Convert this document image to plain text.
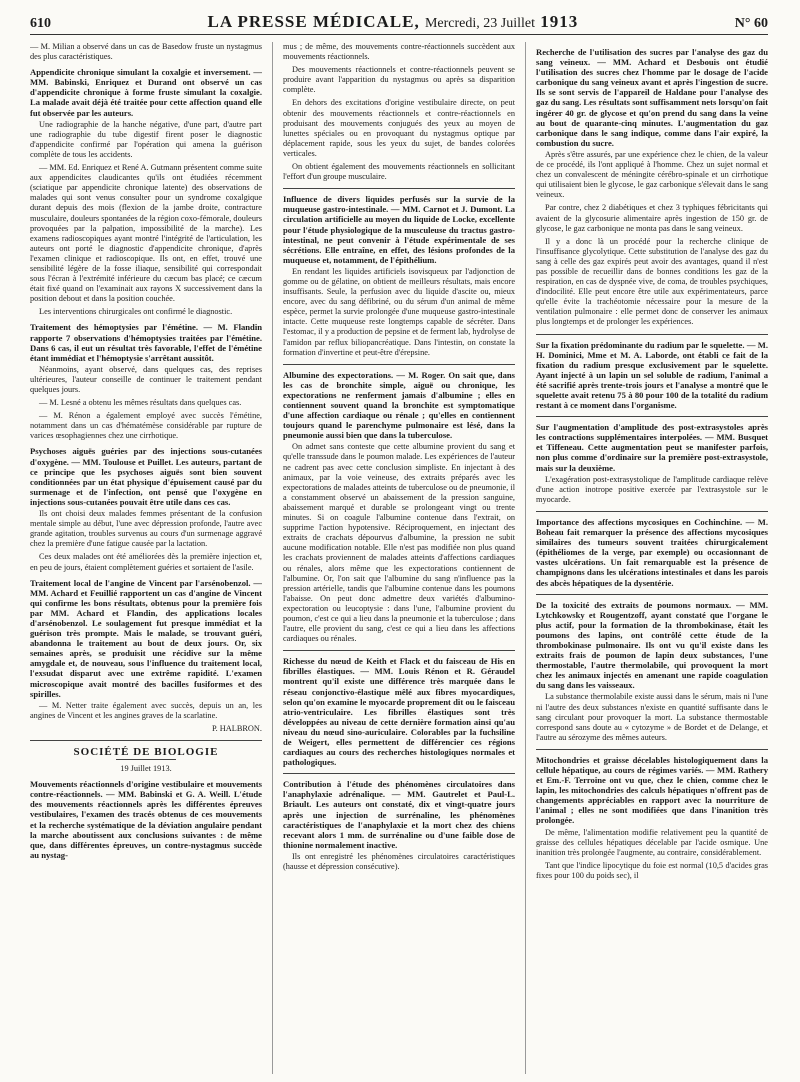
610	LA PRESSE MÉDICALE, Mercredi, 23 Juillet 1913	N° 60

— M. Milian a observé dans un cas de Basedow fruste un nystagmus des plus caractéristiques.

Appendicite chronique simulant la coxalgie et inversement. — MM. Babinski, Enriquez et Durand ont observé un cas d'appendicite chronique à forme fruste simulant la coxalgie. La malade avait déjà été traitée pour cette affection quand elle fut observée par les auteurs.

Une radiographie de la hanche négative, d'une part, d'autre part une radiographie du tube digestif firent poser le diagnostic d'appendicite confirmé par l'opération qui amena la guérison complète de tous les accidents.

— MM. Ed. Enriquez et René A. Gutmann présentent comme suite aux appendicites claudicantes qu'ils ont étudiées récemment (sciatique par appendicite chronique latente) des observations de malades qui sont venus consulter pour un syndrome coxalgique durant depuis des mois (flexion de la jambe droite, contracture musculaire, douleurs spontanées de la région coxo-fémorale, douleurs provoquées par la palpation, impossibilité de la marche). Les examens radioscopiques ayant montré l'intégrité de l'articulation, les auteurs ont porté le diagnostic d'appendicite chronique, d'après l'examen clinique et radioscopique. Ils ont, en effet, trouvé une sensibilité légère de la fosse iliaque, sensibilité qui correspondait sous l'écran à l'extrémité inférieure du cæcum bas placé; ce cæcum était fixé quand on l'examinait aux rayons X successivement dans la position debout et dans la position couchée.

Les interventions chirurgicales ont confirmé le diagnostic.

Traitement des hémoptysies par l'émétine. — M. Flandin rapporte 7 observations d'hémoptysies traitées par l'émétine. Dans 6 cas, il eut un résultat très favorable, l'effet de l'émétine étant immédiat et l'hémoptysie s'arrêtant aussitôt.

Néanmoins, ayant observé, dans quelques cas, des reprises ultérieures, l'auteur conseille de continuer le traitement pendant quelques jours.

— M. Lesné a obtenu les mêmes résultats dans quelques cas.

— M. Rénon a également employé avec succès l'émétine, notamment dans un cas d'hématémèse considérable par rupture de varices œsophagiennes chez une cirrhotique.

Psychoses aiguës guéries par des injections sous-cutanées d'oxygène. — MM. Toulouse et Puillet. Les auteurs, partant de ce principe que les psychoses aiguës sont bien souvent conditionnées par un état physique d'épuisement causé par du surmenage et de l'infection, ont pensé que l'oxygène en injections sous-cutanées pouvait être utile dans ces cas.

Ils ont choisi deux malades femmes présentant de la confusion mentale simple au début, l'une avec dépression profonde, l'autre avec grande agitation, troubles survenus au cours d'un surmenage aggravé chez la première d'une fatigue causée par la lactation.

Ces deux malades ont été améliorées dès la première injection et, en peu de jours, étaient complètement guéries et sortaient de l'asile.

Traitement local de l'angine de Vincent par l'arsénobenzol. — MM. Achard et Feuillié rapportent un cas d'angine de Vincent qui confirme les bons résultats, obtenus pour la première fois par MM. Achard et Flandin, des applications locales d'arsénobenzol. Le soulagement fut presque immédiat et la guérison très prompte. Mais le malade, se trouvant guéri, abandonna le traitement au bout de deux jours. Or, six semaines après, se produisit une récidive sur la même amygdale et, de nouveau, sous l'influence du traitement local, l'exsudat disparut avec une extrême rapidité. L'examen microscopique avait montré des bacilles fusiformes et des spirilles.

— M. Netter traite également avec succès, depuis un an, les angines de Vincent et les angines graves de la scarlatine.

P. HALBRON.
SOCIÉTÉ DE BIOLOGIE
19 Juillet 1913.
Mouvements réactionnels d'origine vestibulaire et mouvements contre-réactionnels. — MM. Babinski et G. A. Weill. L'étude des mouvements réactionnels après les différentes épreuves vestibulaires, l'examen des tracés obtenus de ces mouvements et la recherche systématique de la déviation angulaire pendant la marche aboutissent aux conclusions suivantes : de même que, dans différentes épreuves, un contre-nystagmus succède au nystag-

mus ; de même, des mouvements contre-réactionnels succèdent aux mouvements réactionnels.

Des mouvements réactionnels et contre-réactionnels peuvent se produire avant l'apparition du nystagmus ou après sa disparition complète.

En dehors des excitations d'origine vestibulaire directe, on peut obtenir des mouvements réactionnels et contre-réactionnels en produisant des mouvements conjugués des yeux au moyen de lunettes spéciales ou en provoquant du nystagmus optique par déplacement rapide, sous les yeux du sujet, de bandes colorées verticales.

On obtient également des mouvements réactionnels en sollicitant l'effort d'un groupe musculaire.

Influence de divers liquides perfusés sur la survie de la muqueuse gastro-intestinale. — MM. Carnot et J. Dumont. La circulation artificielle au moyen du liquide de Locke, excellente pour l'étude physiologique de la musculeuse du tractus gastro-intestinal, ne peut convenir à l'étude expérimentale de ses sécrétions. Elle entraîne, en effet, des lésions profondes de la muqueuse et, notamment, de l'épithélium.

En rendant les liquides artificiels isovisqueux par l'adjonction de gomme ou de gélatine, on obtient de meilleurs résultats, mais encore insuffisants. Seule, la perfusion avec du liquide d'ascite ou, mieux encore, avec du sang défibriné, ou du sérum d'un animal de même espèce, permet la survie prolongée d'une muqueuse gastro-intestinale intacte. Cette muqueuse reste longtemps capable de sécréter. Dans l'estomac, il y a production de pepsine et de ferment lab, hydrolyse de l'amidon par reflux biliopancréatique. Dans l'intestin, on constate la formation d'invertine et peut-être d'érepsine.

Albumine des expectorations. — M. Roger. On sait que, dans les cas de bronchite simple, aiguë ou chronique, les expectorations ne renferment jamais d'albumine ; elles en contiennent souvent quand la bronchite est symptomatique d'une affection cardiaque ou rénale ; qu'elles en contiennent toujours quand le parenchyme pulmonaire est lésé, dans la pneumonie aussi bien que dans la tuberculose.

On admet sans conteste que cette albumine provient du sang et qu'elle transsude dans le poumon malade. Les expériences de l'auteur ne cadrent pas avec cette conclusion simpliste. En injectant à des animaux, par la voie veineuse, des extraits préparés avec les expectorations de malades atteints de tuberculose ou de pneumonie, il a constamment observé un abaissement de la pression sanguine, abaissement marqué et durable se prolongeant vingt ou trente minutes. Si on coagule l'albumine contenue dans l'extrait, on supprime l'action hypotensive. Réciproquement, en injectant des extraits de crachats dépourvus d'albumine, la pression ne subit aucune modification notable. Elle n'est pas modifiée non plus quand les crachats proviennent de malades atteints d'affections cardiaques ou rénales, alors même que les expectorations contiennent de l'albumine. Or, l'on sait que l'albumine du sang n'influence pas la pression artérielle, tandis que l'albumine contenue dans les poumons l'abaisse. On peut donc admettre deux variétés d'albuminо-expectoration ou leucoptysie : dans l'une, l'albumine provient du poumon, c'est ce qui a lieu dans la pneumonie et la tuberculose ; dans l'autre, elle provient du sang, c'est ce qui a lieu dans les affections cardiaques ou rénales.

Richesse du nœud de Keith et Flack et du faisceau de His en fibrilles élastiques. — MM. Louis Rénon et R. Géraudel montrent qu'il existe une différence très marquée dans le réseau conjonctivo-élastique mêlé aux fibres myocardiques, selon qu'on examine le myocarde proprement dit ou le faisceau atrio-ventriculaire. Les fibrilles élastiques sont très développées au niveau de cette dernière formation ainsi qu'au niveau du nœud sino-auriculaire. Colorables par la fuchsiline de Weigert, elles permettent de différencier ces régions cardiaques au cours des recherches histologiques normales et pathologiques.
Contribution à l'étude des phénomènes circulatoires dans l'anaphylaxie adrénalique. — MM. Gautrelet et Paul-L. Briault. Les auteurs ont constaté, dix et vingt-quatre jours après une injection de surrénaline, les phénomènes caractéristiques de l'anaphylaxie et la mort chez des chiens recevant alors 1 mm. de surrénaline ou d'une faible dose de thionine normalement inactive.

Ils ont enregistré les phénomènes circulatoires caractéristiques (hausse et dépression consécutive).

Recherche de l'utilisation des sucres par l'analyse des gaz du sang veineux. — MM. Achard et Desbouis ont étudié l'utilisation des sucres chez l'homme par le dosage de l'acide carbonique du sang veineux avant et après l'ingestion de sucre. Ils se sont servis de l'appareil de Haldane pour l'analyse des gaz du sang. Les résultats sont suffisamment nets lorsqu'on fait ingérer 40 gr. de glycose et qu'on prend du sang dans la veine au bout de quarante-cinq minutes. L'augmentation du gaz carbonique dans le sang indique, comme dans l'air expiré, la combustion du sucre.

Après s'être assurés, par une expérience chez le chien, de la valeur de ce procédé, ils l'ont appliqué à l'homme. Chez un sujet normal et chez un convalescent de méningite cérébro-spinale et un cirrhotique qui utilisaient bien le glycose, le gaz carbonique s'élevait dans le sang veineux.

Par contre, chez 2 diabétiques et chez 3 typhiques fébricitants qui avaient de la glycosurie alimentaire après ingestion de 150 gr. de glycose, le gaz carbonique ne monta pas dans le sang veineux.

Il y a donc là un procédé pour la recherche clinique de l'insuffisance glycolytique. Cette substitution de l'analyse des gaz du sang à celle des gaz expirés peut avoir des avantages, quand il n'est pas possible de recueillir dans de bonnes conditions les gaz de la respiration, en cas de dyspnée vive, de coma, de troubles psychiques, d'indocilité. Elle peut encore être utile aux expérimentateurs, parce qu'elle évite la trachéotomie nécessaire pour la mesure de la ventilation pulmonaire : elle permet donc de conserver les animaux plus longtemps et de prolonger les expériences.

Sur la fixation prédominante du radium par le squelette. — M. H. Dominici, Mme et M. A. Laborde, ont établi ce fait de la fixation du radium presque exclusivement par le squelette. Ayant injecté à un lapin un sel soluble de radium, l'animal a été sacrifié après trente-trois jours et l'analyse a montré que le squelette avait retenu 75 à 80 pour 100 de la totalité du radium restant à ce moment dans l'organisme.
Sur l'augmentation d'amplitude des post-extrasystoles après les contractions supplémentaires interpolées. — MM. Busquet et Tiffeneau. Cette augmentation peut se manifester parfois, non plus comme d'ordinaire sur la première post-extrasystole, mais sur la deuxième.

L'exagération post-extrasystolique de l'amplitude cardiaque relève d'une action inotrope positive exercée par l'extrasystole sur le myocarde.

Importance des affections mycosiques en Cochinchine. — M. Boheau fait remarquer la présence des affections mycosiques similaires des tumeurs souvent traitées chirurgicalement (épithéliomes de la verge, par exemple) ou occasionnant de vastes ulcérations. Un fait remarquable est la présence de champignons dans les ulcérations intestinales et dans les parois des abcès hépatiques de la dysentérie.
De la toxicité des extraits de poumons normaux. — MM. Lytchkowsky et Rougentzoff, ayant constaté que l'organe le plus actif, pour la formation de la thrombokinase, était les poumons des lapins, ont contrôlé cette étude de la thrombokinase pulmonaire. Ils ont vu qu'il existe dans les extraits frais de poumon de lapin deux substances, l'une thermostable, l'autre thermolabile, qui provoquent la mort chez les animaux injectés en amenant une rapide coagulation du sang dans les vaisseaux.

La substance thermolabile existe aussi dans le sérum, mais ni l'une ni l'autre des deux substances n'existe en quantité suffisante dans le sang circulant pour provoquer la mort. La substance thermostable correspond sans doute au « cytozyme » de Bordet et de Delange, et l'autre au sérozyme des mêmes auteurs.

Mitochondries et graisse décelables histologiquement dans la cellule hépatique, au cours de régimes variés. — MM. Rathery et Em.-F. Terroine ont vu que, chez le chien, comme chez le lapin, les mitochondries des calculs hépatiques n'offrent pas de changements appréciables en rapport avec la nourriture de l'animal ; elles ne sont modifiées que dans l'inanition très prolongée.

De même, l'alimentation modifie relativement peu la quantité de graisse des cellules hépatiques décelable par l'acide osmique. Une inanition très prolongée l'augmente, au contraire, considérablement.

Tant que l'indice lipocytique du foie est normal (10,5 d'acides gras fixes pour 100 du poids sec), il
